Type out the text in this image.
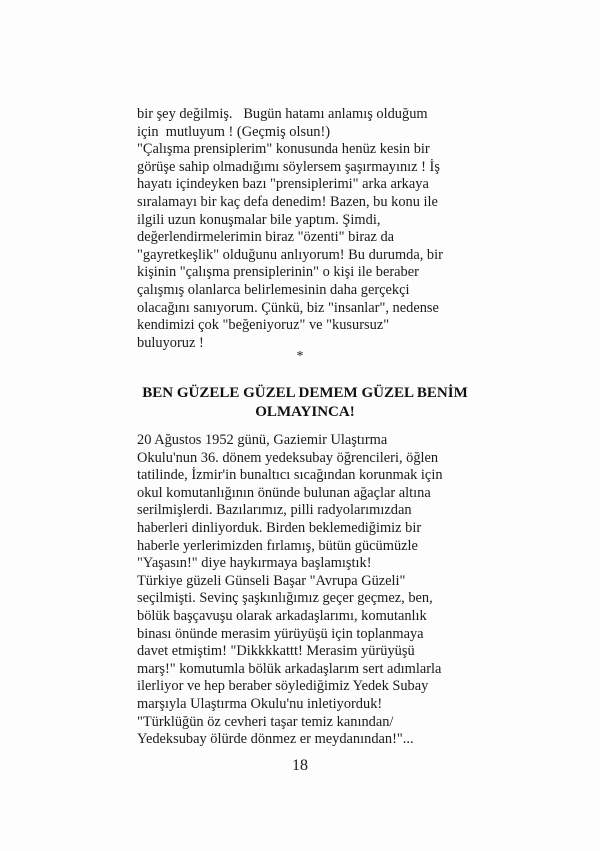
bir şey değilmiş.   Bugün hatamı anlamış olduğum
için  mutluyum ! (Geçmiş olsun!)
"Çalışma prensiplerim" konusunda henüz kesin bir
görüşe sahip olmadığımı söylersem şaşırmayınız ! İş
hayatı içindeyken bazı "prensiplerimi" arka arkaya
sıralamayı bir kaç defa denedim! Bazen, bu konu ile
ilgili uzun konuşmalar bile yaptım. Şimdi,
değerlendirmelerimin biraz "özenti" biraz da
"gayretkeşlik" olduğunu anlıyorum! Bu durumda, bir
kişinin "çalışma prensiplerinin" o kişi ile beraber
çalışmış olanlarca belirlemesinin daha gerçekçi
olacağını sanıyorum. Çünkü, biz "insanlar", nedense
kendimizi çok "beğeniyoruz" ve "kusursuz"
buluyoruz !
*
BEN GÜZELE GÜZEL DEMEM GÜZEL BENİM
OLMAYINCA!
20 Ağustos 1952 günü, Gaziemir Ulaştırma
Okulu'nun 36. dönem yedeksubay öğrencileri, öğlen
tatilinde, İzmir'in bunaltıcı sıcağından korunmak için
okul komutanlığının önünde bulunan ağaçlar altına
serilmişlerdi. Bazılarımız, pilli radyolarımızdan
haberleri dinliyorduk. Birden beklemediğimiz bir
haberle yerlerimizden fırlamış, bütün gücümüzle
"Yaşasın!" diye haykırmaya başlamıştık!
Türkiye güzeli Günseli Başar "Avrupa Güzeli"
seçilmişti. Sevinç şaşkınlığımız geçer geçmez, ben,
bölük başçavuşu olarak arkadaşlarımı, komutanlık
binası önünde merasim yürüyüşü için toplanmaya
davet etmiştim! "Dikkkkattt! Merasim yürüyüşü
marş!" komutumla bölük arkadaşlarım sert adımlarla
ilerliyor ve hep beraber söylediğimiz Yedek Subay
marşıyla Ulaştırma Okulu'nu inletiyorduk!
"Türklüğün öz cevheri taşar temiz kanından/
Yedeksubay ölürde dönmez er meydanından!"...
18
